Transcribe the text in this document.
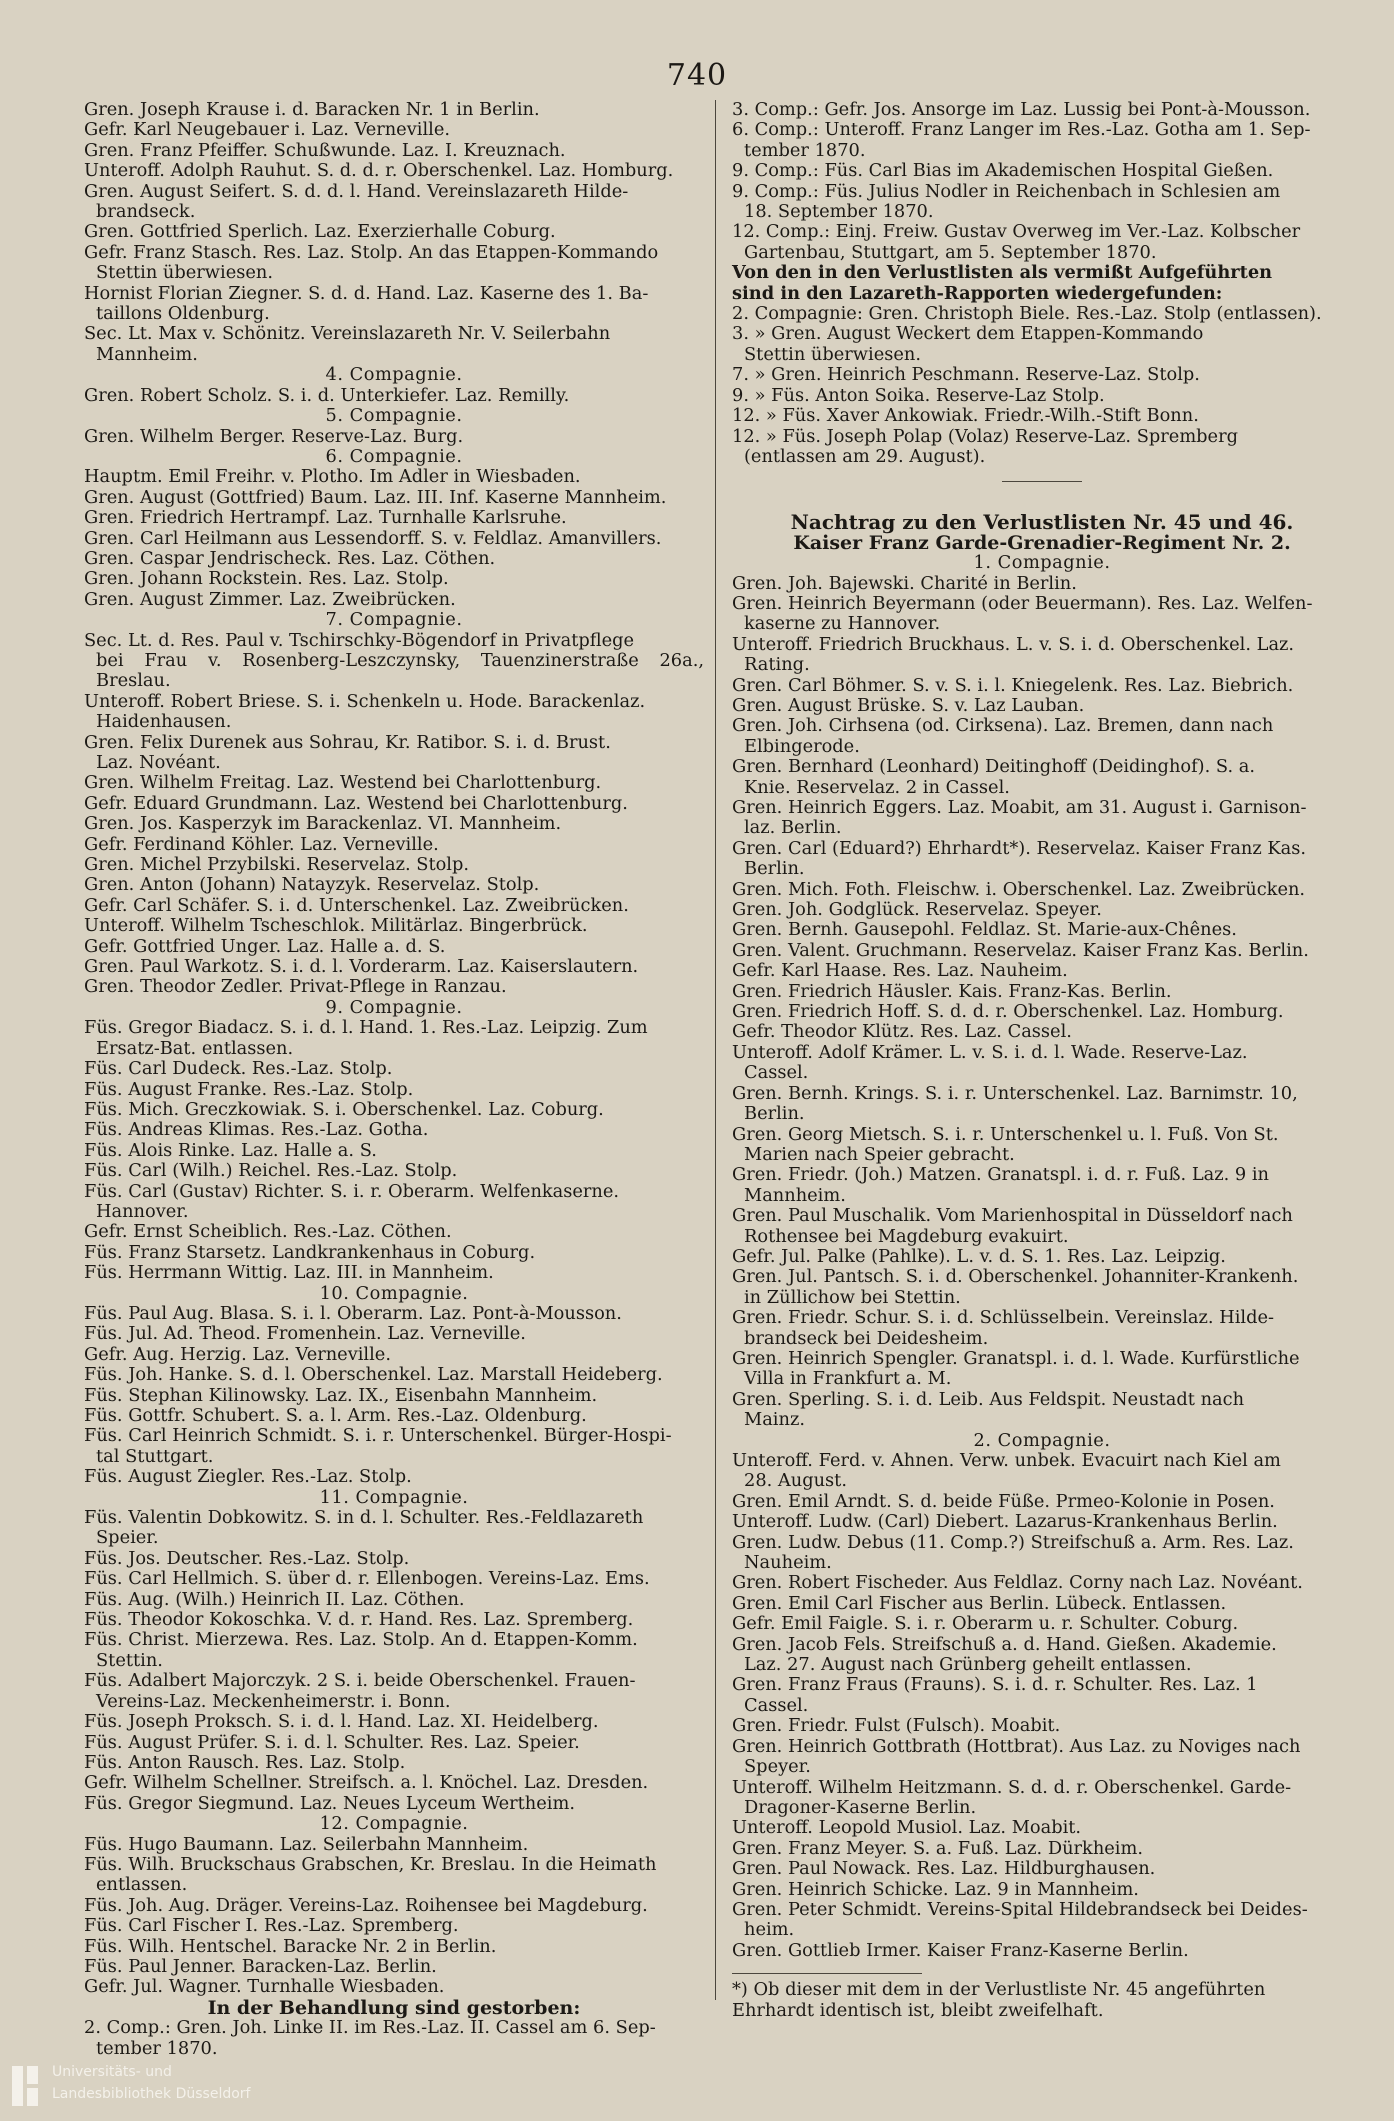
740
Gren. Joseph Krause i. d. Baracken Nr. 1 in Berlin.
Gefr. Karl Neugebauer i. Laz. Verneville.
Gren. Franz Pfeiffer. Schußwunde. Laz. I. Kreuznach.
Unteroff. Adolph Rauhut. S. d. d. r. Oberschenkel. Laz. Homburg.
Gren. August Seifert. S. d. d. l. Hand. Vereinslazareth Hilde-
brandseck.
Gren. Gottfried Sperlich. Laz. Exerzierhalle Coburg.
Gefr. Franz Stasch. Res. Laz. Stolp. An das Etappen-Kommando
Stettin überwiesen.
Hornist Florian Ziegner. S. d. d. Hand. Laz. Kaserne des 1. Ba-
taillons Oldenburg.
Sec. Lt. Max v. Schönitz. Vereinslazareth Nr. V. Seilerbahn
Mannheim.
4. Compagnie.
Gren. Robert Scholz. S. i. d. Unterkiefer. Laz. Remilly.
5. Compagnie.
Gren. Wilhelm Berger. Reserve-Laz. Burg.
6. Compagnie.
Hauptm. Emil Freihr. v. Plotho. Im Adler in Wiesbaden.
Gren. August (Gottfried) Baum. Laz. III. Inf. Kaserne Mannheim.
Gren. Friedrich Hertrampf. Laz. Turnhalle Karlsruhe.
Gren. Carl Heilmann aus Lessendorff. S. v. Feldlaz. Amanvillers.
Gren. Caspar Jendrischeck. Res. Laz. Cöthen.
Gren. Johann Rockstein. Res. Laz. Stolp.
Gren. August Zimmer. Laz. Zweibrücken.
7. Compagnie.
Sec. Lt. d. Res. Paul v. Tschirschky-Bögendorf in Privatpflege
bei Frau v. Rosenberg-Leszczynsky, Tauenzinerstraße 26a., Breslau.
Unteroff. Robert Briese. S. i. Schenkeln u. Hode. Barackenlaz.
Haidenhausen.
Gren. Felix Durenek aus Sohrau, Kr. Ratibor. S. i. d. Brust.
Laz. Novéant.
Gren. Wilhelm Freitag. Laz. Westend bei Charlottenburg.
Gefr. Eduard Grundmann. Laz. Westend bei Charlottenburg.
Gren. Jos. Kasperzyk im Barackenlaz. VI. Mannheim.
Gefr. Ferdinand Köhler. Laz. Verneville.
Gren. Michel Przybilski. Reservelaz. Stolp.
Gren. Anton (Johann) Natayzyk. Reservelaz. Stolp.
Gefr. Carl Schäfer. S. i. d. Unterschenkel. Laz. Zweibrücken.
Unteroff. Wilhelm Tscheschlok. Militärlaz. Bingerbrück.
Gefr. Gottfried Unger. Laz. Halle a. d. S.
Gren. Paul Warkotz. S. i. d. l. Vorderarm. Laz. Kaiserslautern.
Gren. Theodor Zedler. Privat-Pflege in Ranzau.
9. Compagnie.
Füs. Gregor Biadacz. S. i. d. l. Hand. 1. Res.-Laz. Leipzig. Zum
Ersatz-Bat. entlassen.
Füs. Carl Dudeck. Res.-Laz. Stolp.
Füs. August Franke. Res.-Laz. Stolp.
Füs. Mich. Greczkowiak. S. i. Oberschenkel. Laz. Coburg.
Füs. Andreas Klimas. Res.-Laz. Gotha.
Füs. Alois Rinke. Laz. Halle a. S.
Füs. Carl (Wilh.) Reichel. Res.-Laz. Stolp.
Füs. Carl (Gustav) Richter. S. i. r. Oberarm. Welfenkaserne.
Hannover.
Gefr. Ernst Scheiblich. Res.-Laz. Cöthen.
Füs. Franz Starsetz. Landkrankenhaus in Coburg.
Füs. Herrmann Wittig. Laz. III. in Mannheim.
10. Compagnie.
Füs. Paul Aug. Blasa. S. i. l. Oberarm. Laz. Pont-à-Mousson.
Füs. Jul. Ad. Theod. Fromenhein. Laz. Verneville.
Gefr. Aug. Herzig. Laz. Verneville.
Füs. Joh. Hanke. S. d. l. Oberschenkel. Laz. Marstall Heideberg.
Füs. Stephan Kilinowsky. Laz. IX., Eisenbahn Mannheim.
Füs. Gottfr. Schubert. S. a. l. Arm. Res.-Laz. Oldenburg.
Füs. Carl Heinrich Schmidt. S. i. r. Unterschenkel. Bürger-Hospi-
tal Stuttgart.
Füs. August Ziegler. Res.-Laz. Stolp.
11. Compagnie.
Füs. Valentin Dobkowitz. S. in d. l. Schulter. Res.-Feldlazareth
Speier.
Füs. Jos. Deutscher. Res.-Laz. Stolp.
Füs. Carl Hellmich. S. über d. r. Ellenbogen. Vereins-Laz. Ems.
Füs. Aug. (Wilh.) Heinrich II. Laz. Cöthen.
Füs. Theodor Kokoschka. V. d. r. Hand. Res. Laz. Spremberg.
Füs. Christ. Mierzewa. Res. Laz. Stolp. An d. Etappen-Komm.
Stettin.
Füs. Adalbert Majorczyk. 2 S. i. beide Oberschenkel. Frauen-
Vereins-Laz. Meckenheimerstr. i. Bonn.
Füs. Joseph Proksch. S. i. d. l. Hand. Laz. XI. Heidelberg.
Füs. August Prüfer. S. i. d. l. Schulter. Res. Laz. Speier.
Füs. Anton Rausch. Res. Laz. Stolp.
Gefr. Wilhelm Schellner. Streifsch. a. l. Knöchel. Laz. Dresden.
Füs. Gregor Siegmund. Laz. Neues Lyceum Wertheim.
12. Compagnie.
Füs. Hugo Baumann. Laz. Seilerbahn Mannheim.
Füs. Wilh. Bruckschaus Grabschen, Kr. Breslau. In die Heimath
entlassen.
Füs. Joh. Aug. Dräger. Vereins-Laz. Roihensee bei Magdeburg.
Füs. Carl Fischer I. Res.-Laz. Spremberg.
Füs. Wilh. Hentschel. Baracke Nr. 2 in Berlin.
Füs. Paul Jenner. Baracken-Laz. Berlin.
Gefr. Jul. Wagner. Turnhalle Wiesbaden.
In der Behandlung sind gestorben:
2. Comp.: Gren. Joh. Linke II. im Res.-Laz. II. Cassel am 6. Sep-
tember 1870.
3. Comp.: Gefr. Jos. Ansorge im Laz. Lussig bei Pont-à-Mousson.
6. Comp.: Unteroff. Franz Langer im Res.-Laz. Gotha am 1. Sep-
tember 1870.
9. Comp.: Füs. Carl Bias im Akademischen Hospital Gießen.
9. Comp.: Füs. Julius Nodler in Reichenbach in Schlesien am
18. September 1870.
12. Comp.: Einj. Freiw. Gustav Overweg im Ver.-Laz. Kolbscher
Gartenbau, Stuttgart, am 5. September 1870.
Von den in den Verlustlisten als vermißt Aufgeführten
sind in den Lazareth-Rapporten wiedergefunden:
2. Compagnie: Gren. Christoph Biele. Res.-Laz. Stolp (entlassen).
3. » Gren. August Weckert dem Etappen-Kommando
Stettin überwiesen.
7. » Gren. Heinrich Peschmann. Reserve-Laz. Stolp.
9. » Füs. Anton Soika. Reserve-Laz Stolp.
12. » Füs. Xaver Ankowiak. Friedr.-Wilh.-Stift Bonn.
12. » Füs. Joseph Polap (Volaz) Reserve-Laz. Spremberg
(entlassen am 29. August).
Nachtrag zu den Verlustlisten Nr. 45 und 46.
Kaiser Franz Garde-Grenadier-Regiment Nr. 2.
1. Compagnie.
Gren. Joh. Bajewski. Charité in Berlin.
Gren. Heinrich Beyermann (oder Beuermann). Res. Laz. Welfen-
kaserne zu Hannover.
Unteroff. Friedrich Bruckhaus. L. v. S. i. d. Oberschenkel. Laz.
Rating.
Gren. Carl Böhmer. S. v. S. i. l. Kniegelenk. Res. Laz. Biebrich.
Gren. August Brüske. S. v. Laz Lauban.
Gren. Joh. Cirhsena (od. Cirksena). Laz. Bremen, dann nach
Elbingerode.
Gren. Bernhard (Leonhard) Deitinghoff (Deidinghof). S. a.
Knie. Reservelaz. 2 in Cassel.
Gren. Heinrich Eggers. Laz. Moabit, am 31. August i. Garnison-
laz. Berlin.
Gren. Carl (Eduard?) Ehrhardt*). Reservelaz. Kaiser Franz Kas.
Berlin.
Gren. Mich. Foth. Fleischw. i. Oberschenkel. Laz. Zweibrücken.
Gren. Joh. Godglück. Reservelaz. Speyer.
Gren. Bernh. Gausepohl. Feldlaz. St. Marie-aux-Chênes.
Gren. Valent. Gruchmann. Reservelaz. Kaiser Franz Kas. Berlin.
Gefr. Karl Haase. Res. Laz. Nauheim.
Gren. Friedrich Häusler. Kais. Franz-Kas. Berlin.
Gren. Friedrich Hoff. S. d. d. r. Oberschenkel. Laz. Homburg.
Gefr. Theodor Klütz. Res. Laz. Cassel.
Unteroff. Adolf Krämer. L. v. S. i. d. l. Wade. Reserve-Laz.
Cassel.
Gren. Bernh. Krings. S. i. r. Unterschenkel. Laz. Barnimstr. 10,
Berlin.
Gren. Georg Mietsch. S. i. r. Unterschenkel u. l. Fuß. Von St.
Marien nach Speier gebracht.
Gren. Friedr. (Joh.) Matzen. Granatspl. i. d. r. Fuß. Laz. 9 in
Mannheim.
Gren. Paul Muschalik. Vom Marienhospital in Düsseldorf nach
Rothensee bei Magdeburg evakuirt.
Gefr. Jul. Palke (Pahlke). L. v. d. S. 1. Res. Laz. Leipzig.
Gren. Jul. Pantsch. S. i. d. Oberschenkel. Johanniter-Krankenh.
in Züllichow bei Stettin.
Gren. Friedr. Schur. S. i. d. Schlüsselbein. Vereinslaz. Hilde-
brandseck bei Deidesheim.
Gren. Heinrich Spengler. Granatspl. i. d. l. Wade. Kurfürstliche
Villa in Frankfurt a. M.
Gren. Sperling. S. i. d. Leib. Aus Feldspit. Neustadt nach
Mainz.
2. Compagnie.
Unteroff. Ferd. v. Ahnen. Verw. unbek. Evacuirt nach Kiel am
28. August.
Gren. Emil Arndt. S. d. beide Füße. Prmeo-Kolonie in Posen.
Unteroff. Ludw. (Carl) Diebert. Lazarus-Krankenhaus Berlin.
Gren. Ludw. Debus (11. Comp.?) Streifschuß a. Arm. Res. Laz.
Nauheim.
Gren. Robert Fischeder. Aus Feldlaz. Corny nach Laz. Novéant.
Gren. Emil Carl Fischer aus Berlin. Lübeck. Entlassen.
Gefr. Emil Faigle. S. i. r. Oberarm u. r. Schulter. Coburg.
Gren. Jacob Fels. Streifschuß a. d. Hand. Gießen. Akademie.
Laz. 27. August nach Grünberg geheilt entlassen.
Gren. Franz Fraus (Frauns). S. i. d. r. Schulter. Res. Laz. 1
Cassel.
Gren. Friedr. Fulst (Fulsch). Moabit.
Gren. Heinrich Gottbrath (Hottbrat). Aus Laz. zu Noviges nach
Speyer.
Unteroff. Wilhelm Heitzmann. S. d. d. r. Oberschenkel. Garde-
Dragoner-Kaserne Berlin.
Unteroff. Leopold Musiol. Laz. Moabit.
Gren. Franz Meyer. S. a. Fuß. Laz. Dürkheim.
Gren. Paul Nowack. Res. Laz. Hildburghausen.
Gren. Heinrich Schicke. Laz. 9 in Mannheim.
Gren. Peter Schmidt. Vereins-Spital Hildebrandseck bei Deides-
heim.
Gren. Gottlieb Irmer. Kaiser Franz-Kaserne Berlin.
*) Ob dieser mit dem in der Verlustliste Nr. 45 angeführten
Ehrhardt identisch ist, bleibt zweifelhaft.
Universitäts- und
Landesbibliothek Düsseldorf
